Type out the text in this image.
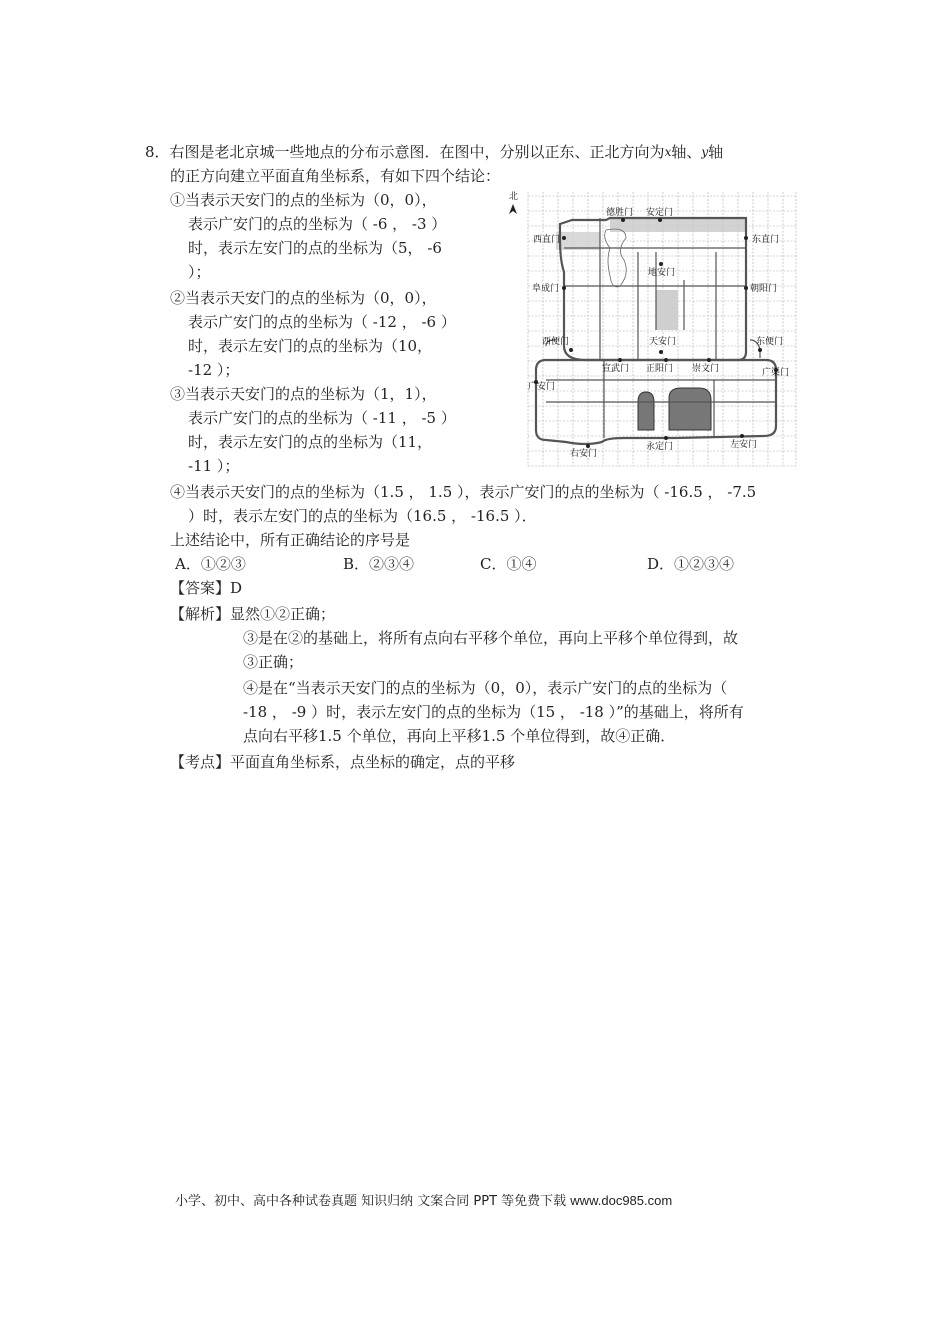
8．右图是老北京城一些地点的分布示意图．在图中，分别以正东、正北方向为$^x$轴、$^y$轴
的正方向建立平面直角坐标系，有如下四个结论：
①当表示天安门的点的坐标为（0，0），
表示广安门的点的坐标为（ -6 ， -3 ）
时，表示左安门的点的坐标为（5， -6
）；
②当表示天安门的点的坐标为（0，0），
表示广安门的点的坐标为（ -12 ， -6 ）
时，表示左安门的点的坐标为（10，
-12 ）；
③当表示天安门的点的坐标为（1，1），
表示广安门的点的坐标为（ -11 ， -5 ）
时，表示左安门的点的坐标为（11，
-11 ）；
④当表示天安门的点的坐标为（1.5 ， 1.5 ），表示广安门的点的坐标为（ -16.5 ， -7.5
）时，表示左安门的点的坐标为（16.5 ， -16.5 ）．
上述结论中，所有正确结论的序号是
A．①②③	B．②③④	C．①④	D．①②③④
【答案】D
【解析】显然①②正确；
③是在②的基础上，将所有点向右平移个单位，再向上平移个单位得到，故
③正确；
④是在“当表示天安门的点的坐标为（0，0），表示广安门的点的坐标为（
-18 ， -9 ）时，表示左安门的点的坐标为（15 ， -18 ）”的基础上，将所有
点向右平移1.5 个单位，再向上平移1.5 个单位得到，故④正确．
【考点】平面直角坐标系，点坐标的确定，点的平移
北
德胜门 安定门
西直门	东直门
地安门
阜成门	朝阳门
西便门	天安门	东便门
宣武门 正阳门 崇文门
广安门
广渠门
永定门	左安门
右安门
小学、初中、高中各种试卷真题 知识归纳 文案合同 PPT 等免费下载 www.doc985.com
